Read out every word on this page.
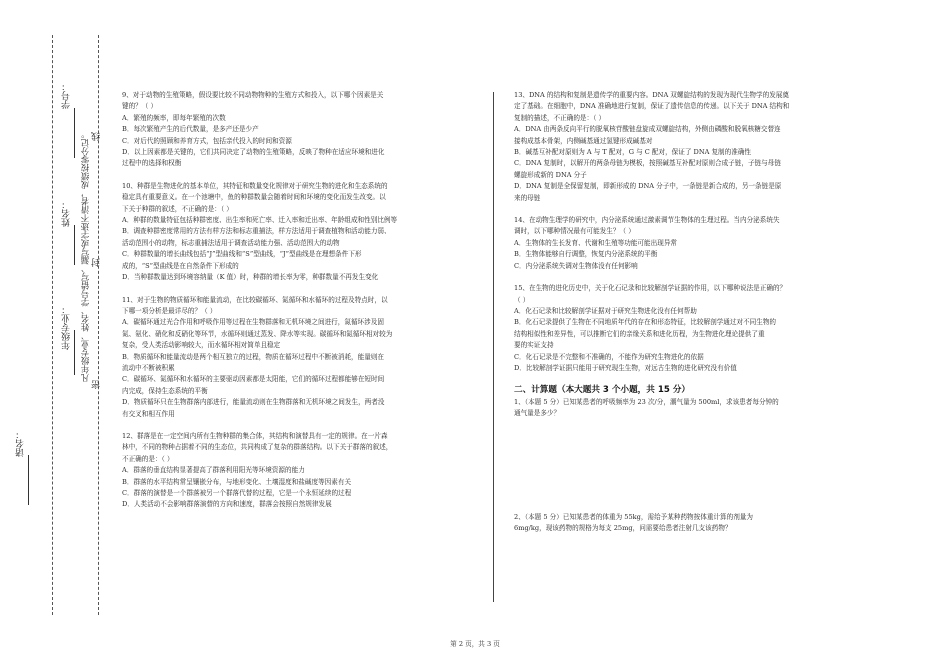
学号：
姓名：
年级专业：
诸名：
凡年级专业、姓名、学号错写、漏写或字迹不清者，成绩按零分记。 线
封
密

9、对于动物的生殖策略，假设要比较不同动物物种的生殖方式和投入，以下哪个因素是关

键的？（ ）

A．繁殖的频率，即每年繁殖的次数

B．每次繁殖产生的后代数量，是多产还是少产

C．对后代的照顾和养育方式，包括亲代投入的时间和资源

D．以上因素都是关键的，它们共同决定了动物的生殖策略，反映了物种在适应环境和进化

过程中的选择和权衡

10、种群是生物进化的基本单位，其特征和数量变化规律对于研究生物的进化和生态系统的

稳定具有重要意义。在一个池塘中，鱼的种群数量会随着时间和环境的变化而发生改变。以

下关于种群的叙述，不正确的是：（ ）

A．种群的数量特征包括种群密度、出生率和死亡率、迁入率和迁出率、年龄组成和性别比例等

B．调查种群密度常用的方法有样方法和标志重捕法，样方法适用于调查植物和活动能力弱、

活动范围小的动物，标志重捕法适用于调查活动能力强、活动范围大的动物

C．种群数量的增长曲线包括“J”型曲线和“S”型曲线，“J”型曲线是在理想条件下形

成的，“S”型曲线是在自然条件下形成的

D．当种群数量达到环境容纳量（K 值）时，种群的增长率为零，种群数量不再发生变化

11、对于生物的物质循环和能量流动，在比较碳循环、氮循环和水循环的过程及特点时，以

下哪一项分析是最详尽的？（ ）

A．碳循环通过光合作用和呼吸作用等过程在生物群落和无机环境之间进行，氮循环涉及固

氮、氨化、硝化和反硝化等环节，水循环则通过蒸发、降水等实现。碳循环和氮循环相对较为

复杂，受人类活动影响较大，而水循环相对简单且稳定

B．物质循环和能量流动是两个相互独立的过程，物质在循环过程中不断被消耗，能量则在

流动中不断被积累

C．碳循环、氮循环和水循环的主要驱动因素都是太阳能，它们的循环过程都能够在短时间

内完成，保持生态系统的平衡

D．物质循环只在生物群落内部进行，能量流动则在生物群落和无机环境之间发生，两者没

有交叉和相互作用

12、群落是在一定空间内所有生物种群的集合体，其结构和演替具有一定的规律。在一片森

林中，不同的物种占据着不同的生态位，共同构成了复杂的群落结构。以下关于群落的叙述，

不正确的是：（ ）

A．群落的垂直结构显著提高了群落利用阳光等环境资源的能力

B．群落的水平结构常呈镶嵌分布，与地形变化、土壤湿度和盐碱度等因素有关

C．群落的演替是一个群落被另一个群落代替的过程，它是一个永恒延续的过程

D．人类活动不会影响群落演替的方向和速度，群落会按照自然规律发展

13、DNA 的结构和复制是遗传学的重要内容。DNA 双螺旋结构的发现为现代生物学的发展奠

定了基础。在细胞中，DNA 准确地进行复制，保证了遗传信息的传递。以下关于 DNA 结构和

复制的描述，不正确的是：（ ）

A．DNA 由两条反向平行的脱氧核苷酸链盘旋成双螺旋结构，外侧由磷酸和脱氧核糖交替连

接构成基本骨架，内侧碱基通过氢键形成碱基对

B．碱基互补配对原则为 A 与 T 配对，G 与 C 配对，保证了 DNA 复制的准确性

C．DNA 复制时，以解开的两条母链为模板，按照碱基互补配对原则合成子链，子链与母链

螺旋形成新的 DNA 分子

D．DNA 复制是全保留复制，即新形成的 DNA 分子中，一条链是新合成的，另一条链是原

来的母链

14、在动物生理学的研究中，内分泌系统通过激素调节生物体的生理过程。当内分泌系统失

调时，以下哪种情况最有可能发生？（ ）

A．生物体的生长发育、代谢和生殖等功能可能出现异常

B．生物体能够自行调整，恢复内分泌系统的平衡

C．内分泌系统失调对生物体没有任何影响

15、在生物的进化历史中，关于化石记录和比较解剖学证据的作用，以下哪种说法是正确的？

（ ）

A．化石记录和比较解剖学证据对于研究生物进化没有任何帮助

B．化石记录提供了生物在不同地质年代的存在和形态特征，比较解剖学通过对不同生物的

结构相似性和差异性，可以推断它们的亲缘关系和进化历程，为生物进化理论提供了重

要的实证支持

C．化石记录是不完整和不准确的，不能作为研究生物进化的依据

D．比较解剖学证据只能用于研究现生生物，对远古生物的进化研究没有价值

二、计算题（本大题共 3 个小题，共 15 分）

1、（本题 5 分）已知某患者的呼吸频率为 23 次/分，潮气量为 500ml，求该患者每分钟的

通气量是多少？

2、（本题 5 分）已知某患者的体重为 55kg，需给予某种药物按体重计算的剂量为

6mg/kg，现该药物的规格为每支 25mg，问需要给患者注射几支该药物？

第 2 页，共 3 页
